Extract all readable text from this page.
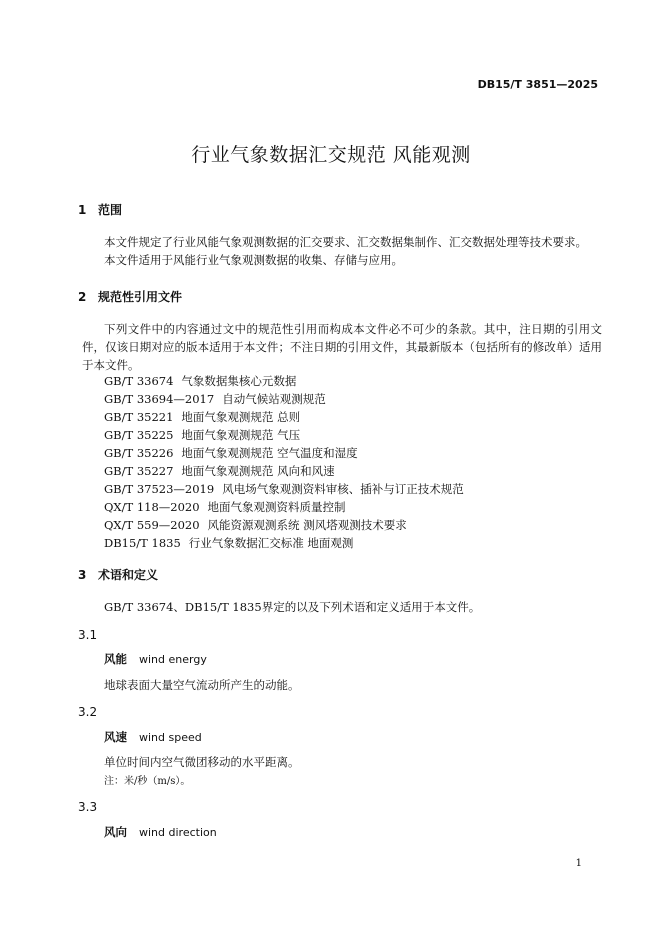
DB15/T 3851—2025
行业气象数据汇交规范 风能观测
1 范围
本文件规定了行业风能气象观测数据的汇交要求、汇交数据集制作、汇交数据处理等技术要求。
本文件适用于风能行业气象观测数据的收集、存储与应用。
2 规范性引用文件
下列文件中的内容通过文中的规范性引用而构成本文件必不可少的条款。其中，注日期的引用文件，仅该日期对应的版本适用于本文件；不注日期的引用文件，其最新版本（包括所有的修改单）适用于本文件。
GB/T 33674 气象数据集核心元数据
GB/T 33694—2017 自动气候站观测规范
GB/T 35221 地面气象观测规范 总则
GB/T 35225 地面气象观测规范 气压
GB/T 35226 地面气象观测规范 空气温度和湿度
GB/T 35227 地面气象观测规范 风向和风速
GB/T 37523—2019 风电场气象观测资料审核、插补与订正技术规范
QX/T 118—2020 地面气象观测资料质量控制
QX/T 559—2020 风能资源观测系统 测风塔观测技术要求
DB15/T 1835 行业气象数据汇交标准 地面观测
3 术语和定义
GB/T 33674、DB15/T 1835界定的以及下列术语和定义适用于本文件。
3.1
风能 wind energy
地球表面大量空气流动所产生的动能。
3.2
风速 wind speed
单位时间内空气微团移动的水平距离。
注：米/秒（m/s）。
3.3
风向 wind direction
1
